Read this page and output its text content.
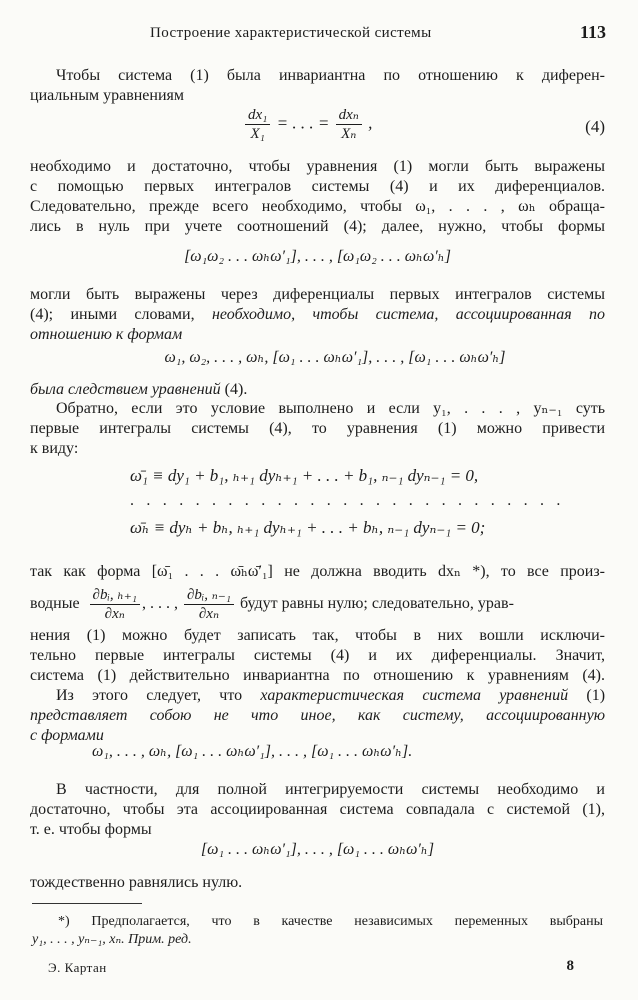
Построение характеристической системы	113
Чтобы система (1) была инвариантна по отношению к диферен-
циальным уравнениям
$\frac{\text{dx₁}}{\text{X₁}}$ = . . . = $\frac{\text{dxₙ}}{\text{Xₙ}}$ ,	(4)
необходимо и достаточно, чтобы уравнения (1) могли быть выражены
с помощью первых интегралов системы (4) и их диференциалов.
Следовательно, прежде всего необходимо, чтобы ω₁, . . . , ωₕ обраща-
лись в нуль при учете соотношений (4); далее, нужно, чтобы формы
[ω₁ω₂ . . . ωₕω′₁], . . . , [ω₁ω₂ . . . ωₕω′ₕ]
могли быть выражены через диференциалы первых интегралов системы
(4); иными словами, необходимо, чтобы система, ассоциированная по
отношению к формам
ω₁, ω₂, . . . , ωₕ, [ω₁ . . . ωₕω′₁], . . . , [ω₁ . . . ωₕω′ₕ]
была следствием уравнений (4).
Обратно, если это условие выполнено и если y₁, . . . , yₙ₋₁ суть
первые интегралы системы (4), то уравнения (1) можно привести
к виду:
ω̄₁ ≡ dy₁ + b₁, ₕ₊₁ dyₕ₊₁ + . . . + b₁, ₙ₋₁ dyₙ₋₁ = 0,
. . . . . . . . . . . . . . . . . . . . . . . . . . .
ω̄ₕ ≡ dyₕ + bₕ, ₕ₊₁ dyₕ₊₁ + . . . + bₕ, ₙ₋₁ dyₙ₋₁ = 0;
так как форма [ω̄₁ . . . ω̄ₕω̄′₁] не должна вводить dxₙ *), то все произ-
водные $\frac{\text{∂bᵢ, ₕ₊₁}}{\text{∂xₙ}}$ , . . . , $\frac{\text{∂bᵢ, ₙ₋₁}}{\text{∂xₙ}}$ будут равны нулю; следовательно, урав-
нения (1) можно будет записать так, чтобы в них вошли исключи-
тельно первые интегралы системы (4) и их диференциалы. Значит,
система (1) действительно инвариантна по отношению к уравнениям (4).
Из этого следует, что характеристическая система уравнений (1)
представляет собою не что иное, как систему, ассоциированную
с формами
ω₁, . . . , ωₕ, [ω₁ . . . ωₕω′₁], . . . , [ω₁ . . . ωₕω′ₕ].
В частности, для полной интегрируемости системы необходимо и
достаточно, чтобы эта ассоциированная система совпадала с системой (1),
т. е. чтобы формы
[ω₁ . . . ωₕω′₁], . . . , [ω₁ . . . ωₕω′ₕ]
тождественно равнялись нулю.
*) Предполагается, что в качестве независимых переменных выбраны
y₁, . . . , yₙ₋₁, xₙ. Прим. ред.
Э. Картан	8
